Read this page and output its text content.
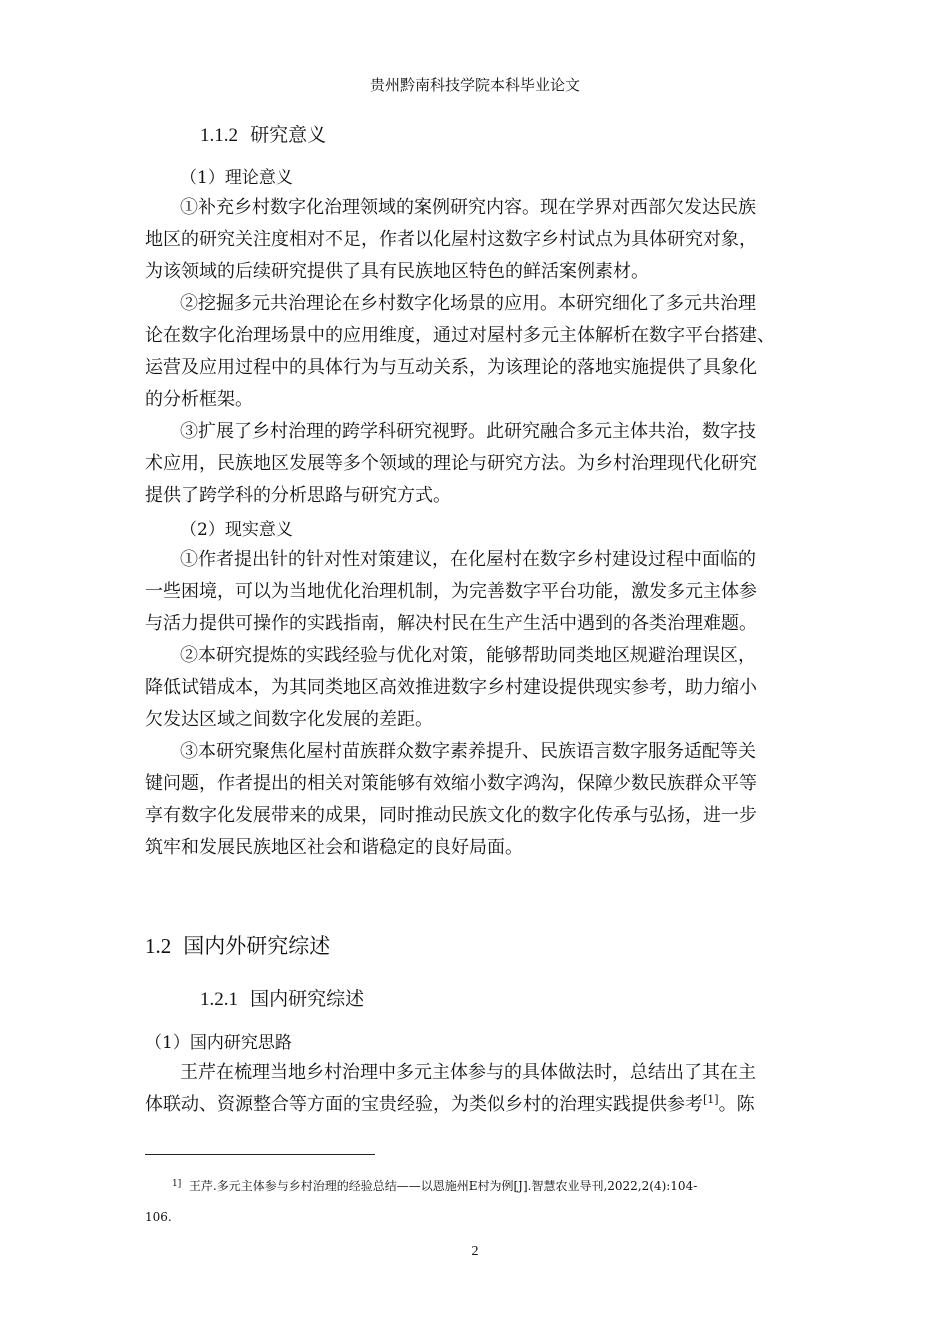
贵州黔南科技学院本科毕业论文
1.1.2 研究意义
（1）理论意义
①补充乡村数字化治理领域的案例研究内容。现在学界对西部欠发达民族
地区的研究关注度相对不足，作者以化屋村这数字乡村试点为具体研究对象，
为该领域的后续研究提供了具有民族地区特色的鲜活案例素材。
②挖掘多元共治理论在乡村数字化场景的应用。本研究细化了多元共治理
论在数字化治理场景中的应用维度，通过对屋村多元主体解析在数字平台搭建、
运营及应用过程中的具体行为与互动关系，为该理论的落地实施提供了具象化
的分析框架。
③扩展了乡村治理的跨学科研究视野。此研究融合多元主体共治，数字技
术应用，民族地区发展等多个领域的理论与研究方法。为乡村治理现代化研究
提供了跨学科的分析思路与研究方式。
（2）现实意义
①作者提出针的针对性对策建议，在化屋村在数字乡村建设过程中面临的
一些困境，可以为当地优化治理机制，为完善数字平台功能，激发多元主体参
与活力提供可操作的实践指南，解决村民在生产生活中遇到的各类治理难题。
②本研究提炼的实践经验与优化对策，能够帮助同类地区规避治理误区，
降低试错成本，为其同类地区高效推进数字乡村建设提供现实参考，助力缩小
欠发达区域之间数字化发展的差距。
③本研究聚焦化屋村苗族群众数字素养提升、民族语言数字服务适配等关
键问题，作者提出的相关对策能够有效缩小数字鸿沟，保障少数民族群众平等
享有数字化发展带来的成果，同时推动民族文化的数字化传承与弘扬，进一步
筑牢和发展民族地区社会和谐稳定的良好局面。
1.2 国内外研究综述
1.2.1 国内研究综述
（1）国内研究思路
王芹在梳理当地乡村治理中多元主体参与的具体做法时，总结出了其在主
体联动、资源整合等方面的宝贵经验，为类似乡村的治理实践提供参考[1]。陈
$^{1]}$ 王芹.多元主体参与乡村治理的经验总结——以恩施州E村为例[J].智慧农业导刊,2022,2(4):104-
106.
2
